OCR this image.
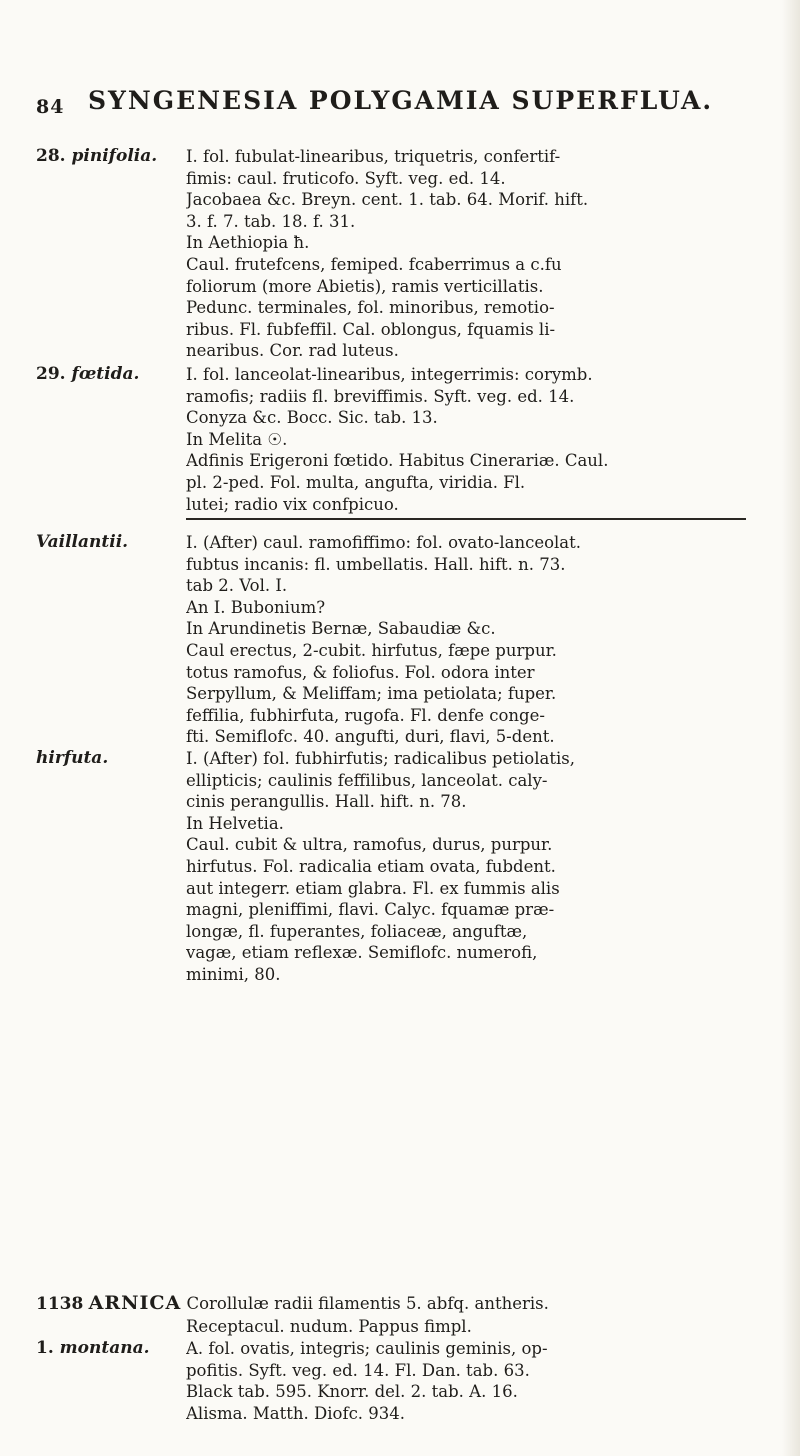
84 SYNGENESIA POLYGAMIA SUPERFLUA.
28. pinifolia. I. fol. fubulat-linearibus, triquetris, confertif-
fimis: caul. fruticofo. Syft. veg. ed. 14.
Jacobaea &c. Breyn. cent. 1. tab. 64. Morif. hift.
3. f. 7. tab. 18. f. 31.
In Aethiopia ħ.
Caul. frutefcens, femiped. fcaberrimus a c.fu
foliorum (more Abietis), ramis verticillatis.
Pedunc. terminales, fol. minoribus, remotio-
ribus. Fl. fubfeffil. Cal. oblongus, fquamis li-
nearibus. Cor. rad luteus.
29. fœtida.	I. fol. lanceolat-linearibus, integerrimis: corymb.
ramofis; radiis fl. breviffimis. Syft. veg. ed. 14.
Conyza &c. Bocc. Sic. tab. 13.
In Melita ☉.
Adfinis Erigeroni fœtido. Habitus Cinerariæ. Caul.
pl. 2-ped. Fol. multa, angufta, viridia. Fl.
lutei; radio vix confpicuo.
Vaillantii.	I. (After) caul. ramofiffimo: fol. ovato-lanceolat.
fubtus incanis: fl. umbellatis. Hall. hift. n. 73.
tab 2. Vol. I.
An I. Bubonium?
In Arundinetis Bernæ, Sabaudiæ &c.
Caul erectus, 2-cubit. hirfutus, fæpe purpur.
totus ramofus, & foliofus. Fol. odora inter
Serpyllum, & Meliffam; ima petiolata; fuper.
feffilia, fubhirfuta, rugofa. Fl. denfe conge-
fti. Semiflofc. 40. angufti, duri, flavi, 5-dent.
hirfuta.	I. (After) fol. fubhirfutis; radicalibus petiolatis,
ellipticis; caulinis feffilibus, lanceolat. caly-
cinis perangullis. Hall. hift. n. 78.
In Helvetia.
Caul. cubit & ultra, ramofus, durus, purpur.
hirfutus. Fol. radicalia etiam ovata, fubdent.
aut integerr. etiam glabra. Fl. ex fummis alis
magni, pleniffimi, flavi. Calyc. fquamæ præ-
longæ, fl. fuperantes, foliaceæ, anguftæ,
vagæ, etiam reflexæ. Semiflofc. numerofi,
minimi, 80.
1138 ARNICA Corollulæ radii filamentis 5. abfq. antheris.
Receptacul. nudum. Pappus fimpl.
1. montana. A. fol. ovatis, integris; caulinis geminis, op-
pofitis. Syft. veg. ed. 14. Fl. Dan. tab. 63.
Black tab. 595. Knorr. del. 2. tab. A. 16.
Alisma. Matth. Diofc. 934.
